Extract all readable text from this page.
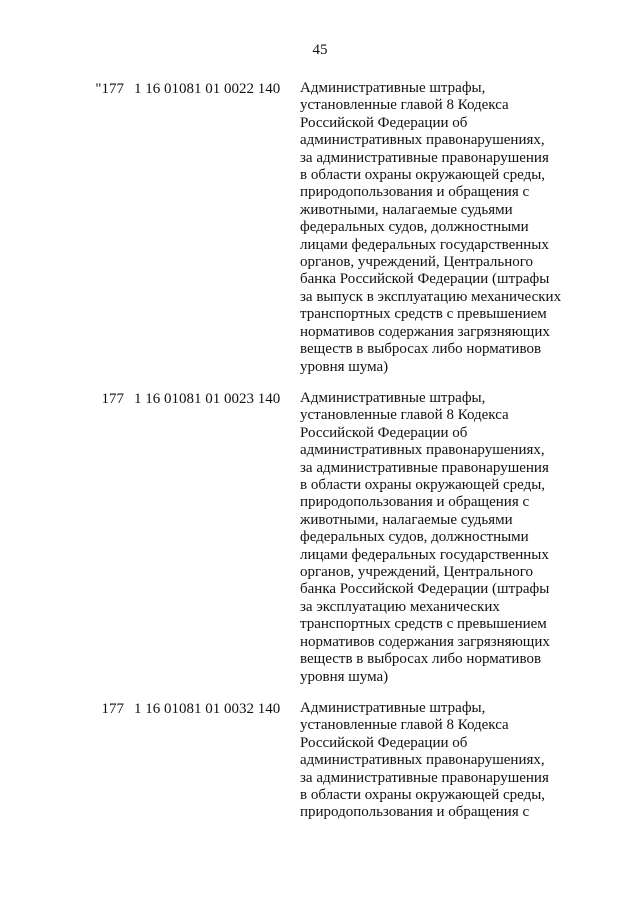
45
"177 1 16 01081 01 0022 140	Административные штрафы,
установленные главой 8 Кодекса
Российской Федерации об
административных правонарушениях,
за административные правонарушения
в области охраны окружающей среды,
природопользования и обращения с
животными, налагаемые судьями
федеральных судов, должностными
лицами федеральных государственных
органов, учреждений, Центрального
банка Российской Федерации (штрафы
за выпуск в эксплуатацию механических
транспортных средств с превышением
нормативов содержания загрязняющих
веществ в выбросах либо нормативов
уровня шума)
177 1 16 01081 01 0023 140	Административные штрафы,
установленные главой 8 Кодекса
Российской Федерации об
административных правонарушениях,
за административные правонарушения
в области охраны окружающей среды,
природопользования и обращения с
животными, налагаемые судьями
федеральных судов, должностными
лицами федеральных государственных
органов, учреждений, Центрального
банка Российской Федерации (штрафы
за эксплуатацию механических
транспортных средств с превышением
нормативов содержания загрязняющих
веществ в выбросах либо нормативов
уровня шума)
177 1 16 01081 01 0032 140	Административные штрафы,
установленные главой 8 Кодекса
Российской Федерации об
административных правонарушениях,
за административные правонарушения
в области охраны окружающей среды,
природопользования и обращения с
